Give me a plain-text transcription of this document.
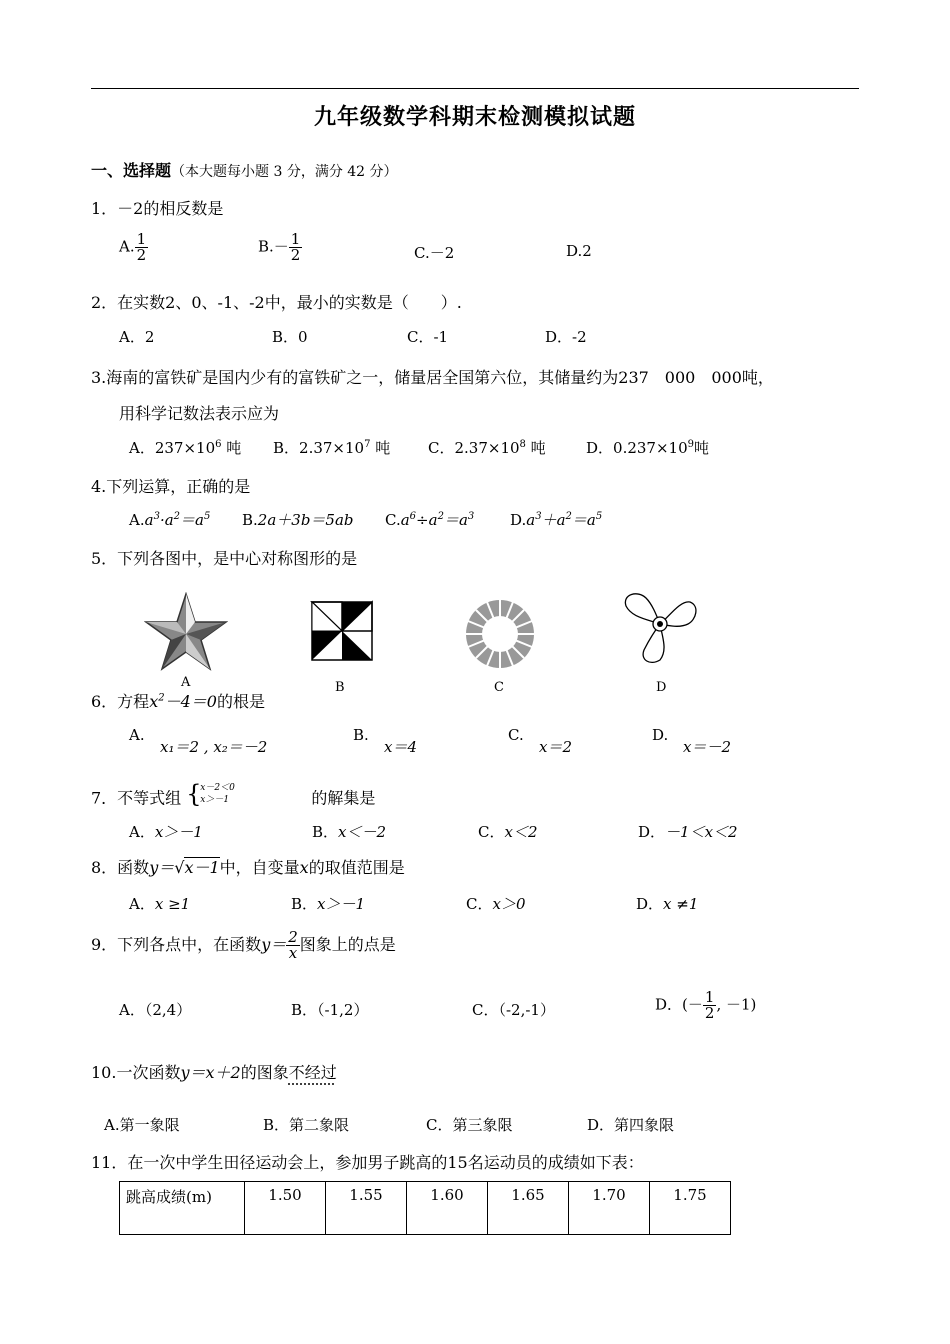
九年级数学科期末检测模拟试题
一、选择题（本大题每小题 3 分，满分 42 分）
1．－2的相反数是
A. $\frac{1}{2}$	$B.- \frac{1}{2}$	C.－2	D.2
2．在实数2、0、-1、-2中，最小的实数是（　　）.
A．2	B．0	C．-1	D．-2
3.海南的富铁矿是国内少有的富铁矿之一，储量居全国第六位，其储量约为237　000　000吨，
用科学记数法表示应为
A．$237\times 10^6$ 吨 B．$2.37\times 10^7$ 吨	C．$2.37\times 10^8$ 吨	D．$0.237\times 10^9$吨
4.下列运算，正确的是
$A.a^3\cdot a^2=a^5$ B.2a＋3b＝5ab $C.a^6\div a^2=a^3$ $D.a^3+a^2=a^5$
5．下列各图中，是中心对称图形的是
A	B	C	D
6．方程$x^2-4=0$的根是
A.
x₁＝2 , x₂＝－2
B.
x＝4
C.
x＝2
D.
x＝－2
7．不等式组 {
x－2＜0
x＞－1	的解集是
A．x＞－1	B．x＜－2	C．x＜2	D．－1＜x＜2
8．函数y＝√x－1中，自变量x的取值范围是
A．x ≥1	B．x＞－1	C．x＞0	D．x ≠1
9．下列各点中，在函数$y= \frac{2}{x}$ 图象上的点是
A．（2,4）	B．（-1,2）	C．（-2,-1）	D．(－ $\frac{1}{2}$ , －1)
10.一次函数y＝x＋2的图象不经过
A.第一象限	B．第二象限	C．第三象限	D．第四象限
11．在一次中学生田径运动会上，参加男子跳高的15名运动员的成绩如下表：
跳高成绩(m)	1.50	1.55	1.60	1.65	1.70	1.75
